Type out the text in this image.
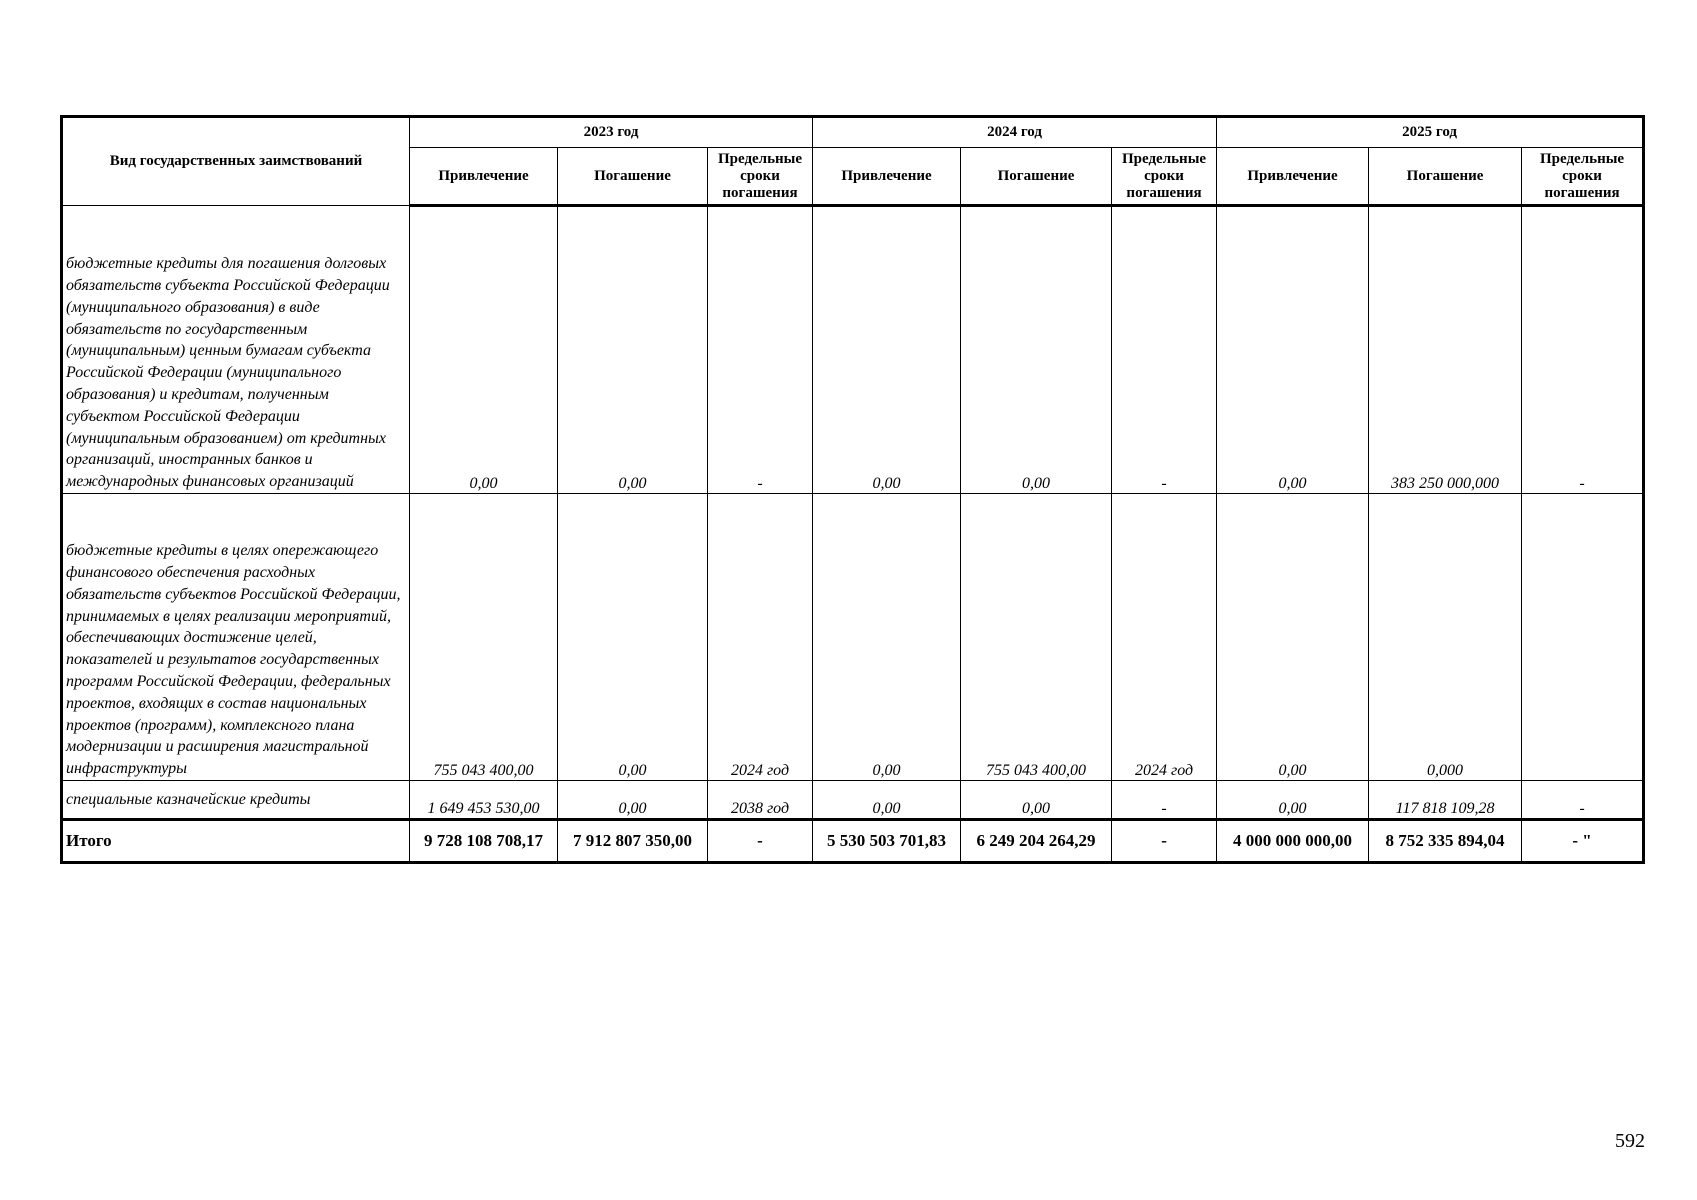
Вид государственных заимствований	2023 год			2024 год			2025 год		
	Привлечение	Погашение	Предельные сроки погашения	Привлечение	Погашение	Предельные сроки погашения	Привлечение	Погашение	Предельные сроки погашения
бюджетные кредиты для погашения долговых обязательств субъекта Российской Федерации (муниципального образования) в виде обязательств по государственным (муниципальным) ценным бумагам субъекта Российской Федерации (муниципального образования) и кредитам, полученным субъектом Российской Федерации (муниципальным образованием) от кредитных организаций, иностранных банков и международных финансовых организаций	0,00	0,00	-	0,00	0,00	-	0,00	383 250 000,000	-
бюджетные кредиты в целях опережающего финансового обеспечения расходных обязательств субъектов Российской Федерации, принимаемых в целях реализации мероприятий, обеспечивающих достижение целей, показателей и результатов государственных программ Российской Федерации, федеральных проектов, входящих в состав национальных проектов (программ), комплексного плана модернизации и расширения магистральной инфраструктуры	755 043 400,00	0,00	2024 год	0,00	755 043 400,00	2024 год	0,00	0,000	
специальные казначейские кредиты	1 649 453 530,00	0,00	2038 год	0,00	0,00	-	0,00	117 818 109,28	-
Итого	9 728 108 708,17	7 912 807 350,00	-	5 530 503 701,83	6 249 204 264,29	-	4 000 000 000,00	8 752 335 894,04	- "
592
